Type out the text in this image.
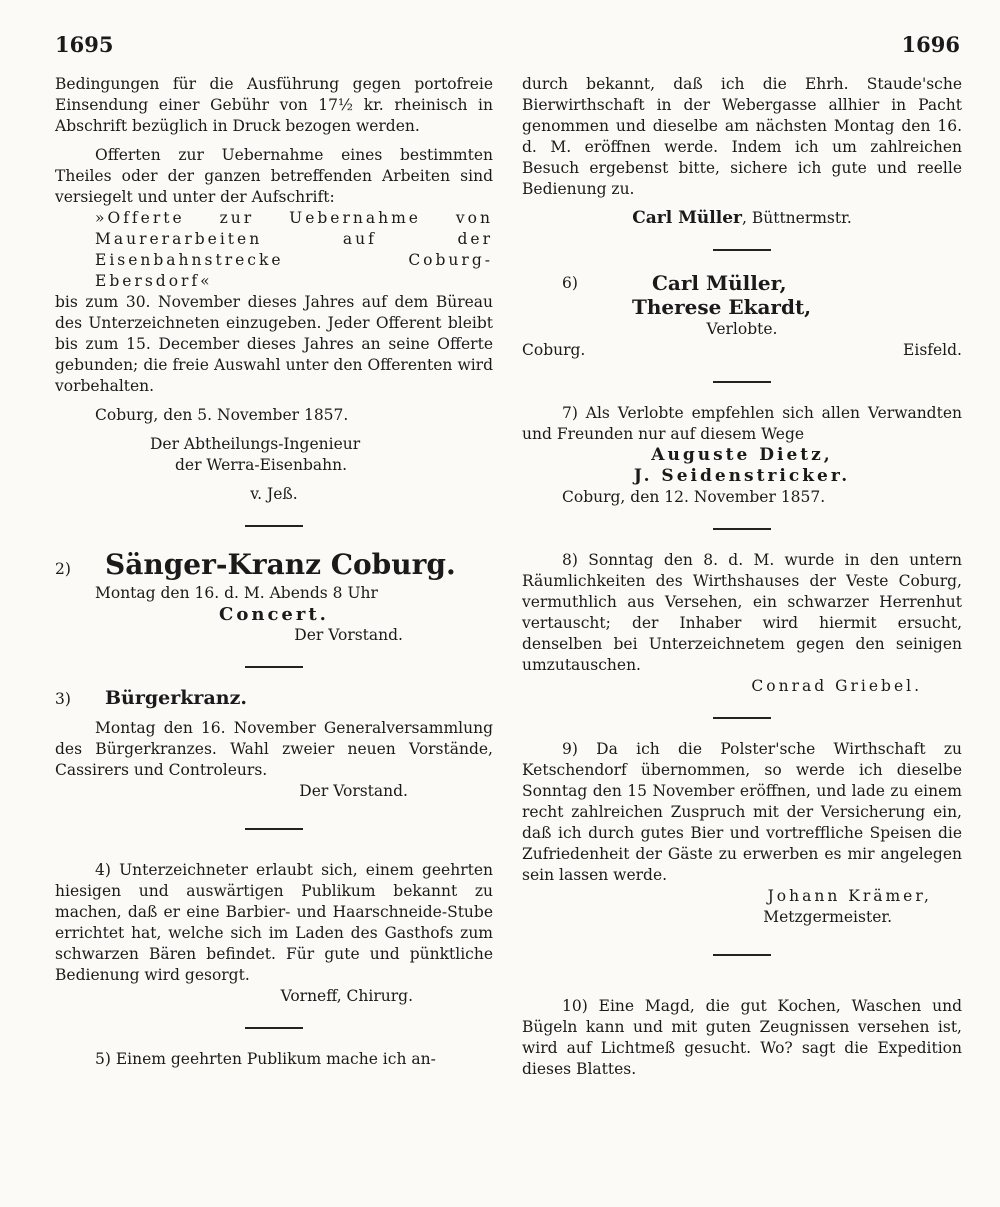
1695	1696

Bedingungen für die Ausführung gegen portofreie Einsendung einer Gebühr von 17½ kr. rheinisch in Abschrift bezüglich in Druck bezogen werden.

Offerten zur Uebernahme eines bestimmten Theiles oder der ganzen betreffenden Arbeiten sind versiegelt und unter der Aufschrift:

»Offerte zur Uebernahme von Maurerarbeiten auf der Eisenbahnstrecke Coburg-Ebersdorf«

bis zum 30. November dieses Jahres auf dem Büreau des Unterzeichneten einzugeben. Jeder Offerent bleibt bis zum 15. December dieses Jahres an seine Offerte gebunden; die freie Auswahl unter den Offerenten wird vorbehalten.

Coburg, den 5. November 1857.

Der Abtheilungs-Ingenieur

der Werra-Eisenbahn.

v. Jeß.

2) Sänger-Kranz Coburg.

Montag den 16. d. M. Abends 8 Uhr

Concert.

Der Vorstand.

3) Bürgerkranz.

Montag den 16. November Generalversammlung des Bürgerkranzes. Wahl zweier neuen Vorstände, Cassirers und Controleurs.

Der Vorstand.

4) Unterzeichneter erlaubt sich, einem geehrten hiesigen und auswärtigen Publikum bekannt zu machen, daß er eine Barbier- und Haarschneide-Stube errichtet hat, welche sich im Laden des Gasthofs zum schwarzen Bären befindet. Für gute und pünktliche Bedienung wird gesorgt.

Vorneff, Chirurg.

5) Einem geehrten Publikum mache ich an-

durch bekannt, daß ich die Ehrh. Staude'sche Bierwirthschaft in der Webergasse allhier in Pacht genommen und dieselbe am nächsten Montag den 16. d. M. eröffnen werde. Indem ich um zahlreichen Besuch ergebenst bitte, sichere ich gute und reelle Bedienung zu.

Carl Müller, Büttnermstr.

6)	Carl Müller,

Therese Ekardt,

Verlobte.

Coburg.	Eisfeld.

7) Als Verlobte empfehlen sich allen Verwandten und Freunden nur auf diesem Wege

Auguste Dietz,

J. Seidenstricker.

Coburg, den 12. November 1857.

8) Sonntag den 8. d. M. wurde in den untern Räumlichkeiten des Wirthshauses der Veste Coburg, vermuthlich aus Versehen, ein schwarzer Herrenhut vertauscht; der Inhaber wird hiermit ersucht, denselben bei Unterzeichnetem gegen den seinigen umzutauschen.

Conrad Griebel.

9) Da ich die Polster'sche Wirthschaft zu Ketschendorf übernommen, so werde ich dieselbe Sonntag den 15 November eröffnen, und lade zu einem recht zahlreichen Zuspruch mit der Versicherung ein, daß ich durch gutes Bier und vortreffliche Speisen die Zufriedenheit der Gäste zu erwerben es mir angelegen sein lassen werde.

Johann Krämer,

Metzgermeister.

10) Eine Magd, die gut Kochen, Waschen und Bügeln kann und mit guten Zeugnissen versehen ist, wird auf Lichtmeß gesucht. Wo? sagt die Expedition dieses Blattes.
